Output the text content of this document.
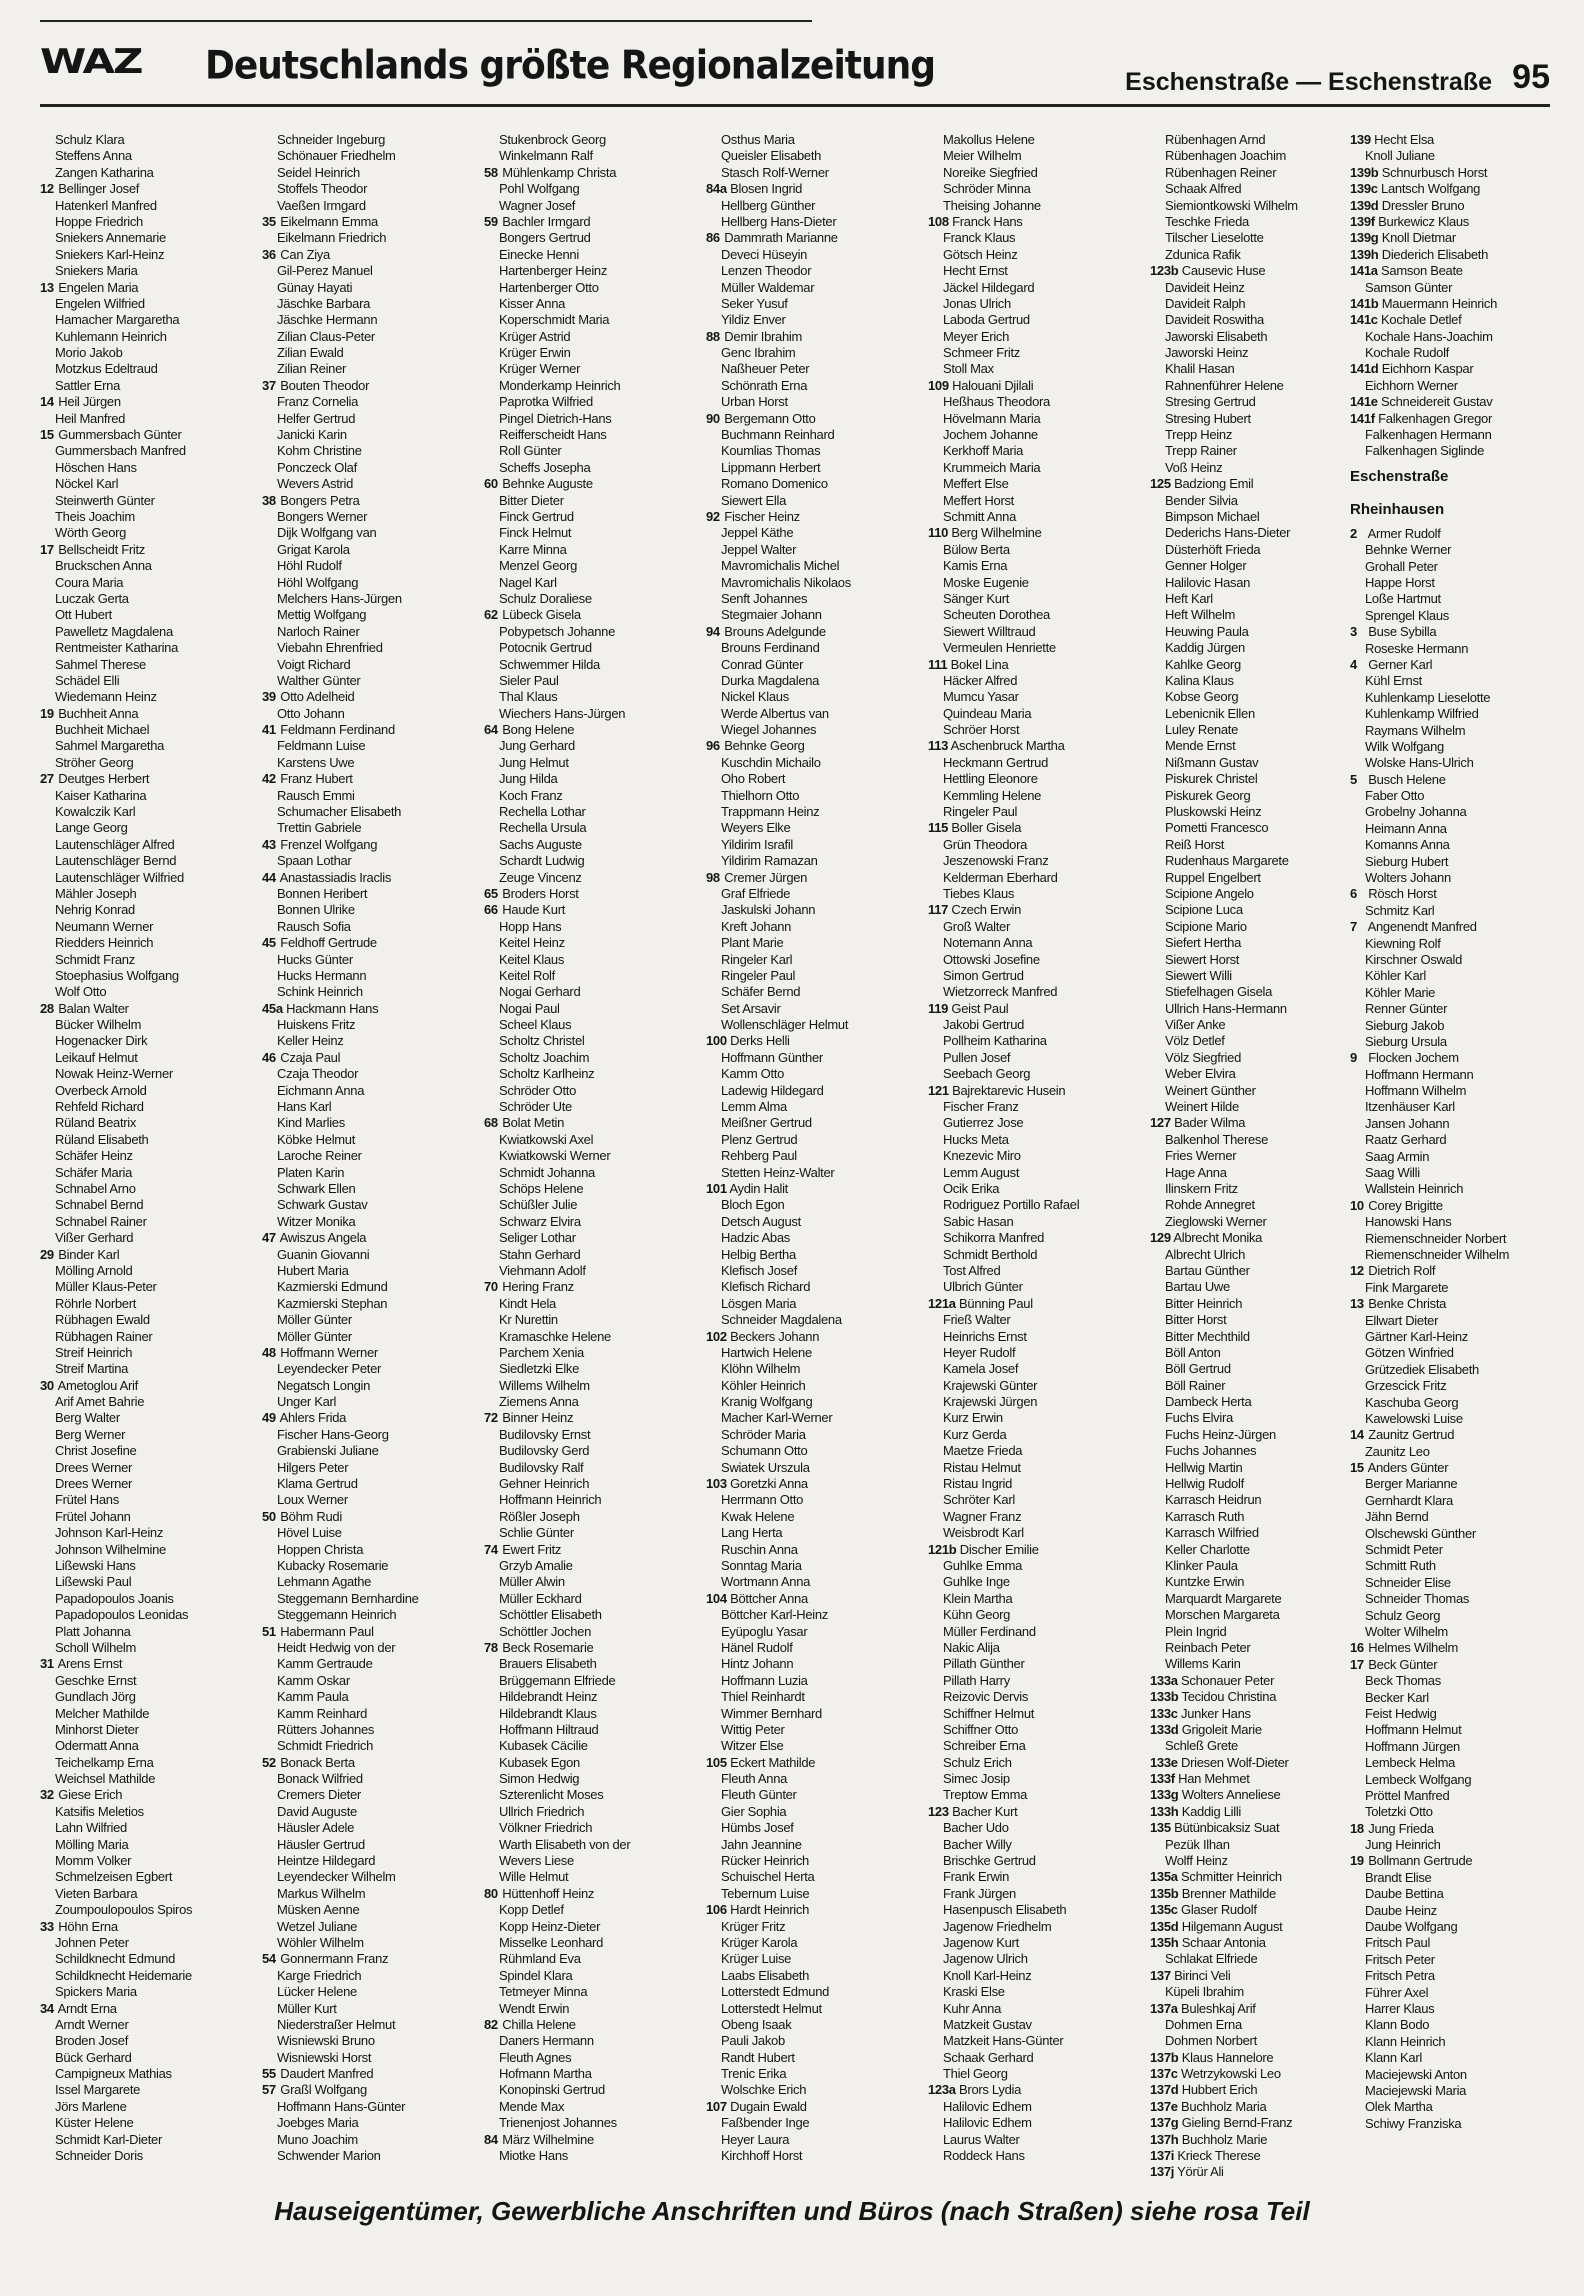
WAZ Deutschlands größte Regionalzeitung	Eschenstraße — Eschenstraße 95
Schulz Klara
Steffens Anna
Zangen Katharina
12 Bellinger Josef
Hatenkerl Manfred
Hoppe Friedrich
Sniekers Annemarie
Sniekers Karl-Heinz
Sniekers Maria
13 Engelen Maria
Engelen Wilfried
Hamacher Margaretha
Kuhlemann Heinrich
Morio Jakob
Motzkus Edeltraud
Sattler Erna
14 Heil Jürgen
Heil Manfred
15 Gummersbach Günter
Gummersbach Manfred
Höschen Hans
Nöckel Karl
Steinwerth Günter
Theis Joachim
Wörth Georg
17 Bellscheidt Fritz
Bruckschen Anna
Coura Maria
Luczak Gerta
Ott Hubert
Pawelletz Magdalena
Rentmeister Katharina
Sahmel Therese
Schädel Elli
Wiedemann Heinz
19 Buchheit Anna
Buchheit Michael
Sahmel Margaretha
Ströher Georg
27 Deutges Herbert
Kaiser Katharina
Kowalczik Karl
Lange Georg
Lautenschläger Alfred
Lautenschläger Bernd
Lautenschläger Wilfried
Mähler Joseph
Nehrig Konrad
Neumann Werner
Riedders Heinrich
Schmidt Franz
Stoephasius Wolfgang
Wolf Otto
28 Balan Walter
Bücker Wilhelm
Hogenacker Dirk
Leikauf Helmut
Nowak Heinz-Werner
Overbeck Arnold
Rehfeld Richard
Rüland Beatrix
Rüland Elisabeth
Schäfer Heinz
Schäfer Maria
Schnabel Arno
Schnabel Bernd
Schnabel Rainer
Vißer Gerhard
29 Binder Karl
Mölling Arnold
Müller Klaus-Peter
Röhrle Norbert
Rübhagen Ewald
Rübhagen Rainer
Streif Heinrich
Streif Martina
30 Ametoglou Arif
Arif Amet Bahrie
Berg Walter
Berg Werner
Christ Josefine
Drees Werner
Drees Werner
Frütel Hans
Frütel Johann
Johnson Karl-Heinz
Johnson Wilhelmine
Lißewski Hans
Lißewski Paul
Papadopoulos Joanis
Papadopoulos Leonidas
Platt Johanna
Scholl Wilhelm
31 Arens Ernst
Geschke Ernst
Gundlach Jörg
Melcher Mathilde
Minhorst Dieter
Odermatt Anna
Teichelkamp Erna
Weichsel Mathilde
32 Giese Erich
Katsifis Meletios
Lahn Wilfried
Mölling Maria
Momm Volker
Schmelzeisen Egbert
Vieten Barbara
Zoumpoulopoulos Spiros
33 Höhn Erna
Johnen Peter
Schildknecht Edmund
Schildknecht Heidemarie
Spickers Maria
34 Arndt Erna
Arndt Werner
Broden Josef
Bück Gerhard
Campigneux Mathias
Issel Margarete
Jörs Marlene
Küster Helene
Schmidt Karl-Dieter
Schneider Doris
Schneider Ingeburg
Schönauer Friedhelm
Seidel Heinrich
Stoffels Theodor
Vaeßen Irmgard
35 Eikelmann Emma
Eikelmann Friedrich
36 Can Ziya
Gil-Perez Manuel
Günay Hayati
Jäschke Barbara
Jäschke Hermann
Zilian Claus-Peter
Zilian Ewald
Zilian Reiner
37 Bouten Theodor
Franz Cornelia
Helfer Gertrud
Janicki Karin
Kohm Christine
Ponczeck Olaf
Wevers Astrid
38 Bongers Petra
Bongers Werner
Dijk Wolfgang van
Grigat Karola
Höhl Rudolf
Höhl Wolfgang
Melchers Hans-Jürgen
Mettig Wolfgang
Narloch Rainer
Viebahn Ehrenfried
Voigt Richard
Walther Günter
39 Otto Adelheid
Otto Johann
41 Feldmann Ferdinand
Feldmann Luise
Karstens Uwe
42 Franz Hubert
Rausch Emmi
Schumacher Elisabeth
Trettin Gabriele
43 Frenzel Wolfgang
Spaan Lothar
44 Anastassiadis Iraclis
Bonnen Heribert
Bonnen Ulrike
Rausch Sofia
45 Feldhoff Gertrude
Hucks Günter
Hucks Hermann
Schink Heinrich
45a Hackmann Hans
Huiskens Fritz
Keller Heinz
46 Czaja Paul
Czaja Theodor
Eichmann Anna
Hans Karl
Kind Marlies
Köbke Helmut
Laroche Reiner
Platen Karin
Schwark Ellen
Schwark Gustav
Witzer Monika
47 Awiszus Angela
Guanin Giovanni
Hubert Maria
Kazmierski Edmund
Kazmierski Stephan
Möller Günter
Möller Günter
48 Hoffmann Werner
Leyendecker Peter
Negatsch Longin
Unger Karl
49 Ahlers Frida
Fischer Hans-Georg
Grabienski Juliane
Hilgers Peter
Klama Gertrud
Loux Werner
50 Böhm Rudi
Hövel Luise
Hoppen Christa
Kubacky Rosemarie
Lehmann Agathe
Steggemann Bernhardine
Steggemann Heinrich
51 Habermann Paul
Heidt Hedwig von der
Kamm Gertraude
Kamm Oskar
Kamm Paula
Kamm Reinhard
Rütters Johannes
Schmidt Friedrich
52 Bonack Berta
Bonack Wilfried
Cremers Dieter
David Auguste
Häusler Adele
Häusler Gertrud
Heintze Hildegard
Leyendecker Wilhelm
Markus Wilhelm
Müsken Aenne
Wetzel Juliane
Wöhler Wilhelm
54 Gonnermann Franz
Karge Friedrich
Lücker Helene
Müller Kurt
Niederstraßer Helmut
Wisniewski Bruno
Wisniewski Horst
55 Daudert Manfred
57 Graßl Wolfgang
Hoffmann Hans-Günter
Joebges Maria
Muno Joachim
Schwender Marion
Stukenbrock Georg
Winkelmann Ralf
58 Mühlenkamp Christa
Pohl Wolfgang
Wagner Josef
59 Bachler Irmgard
Bongers Gertrud
Einecke Henni
Hartenberger Heinz
Hartenberger Otto
Kisser Anna
Koperschmidt Maria
Krüger Astrid
Krüger Erwin
Krüger Werner
Monderkamp Heinrich
Paprotka Wilfried
Pingel Dietrich-Hans
Reifferscheidt Hans
Roll Günter
Scheffs Josepha
60 Behnke Auguste
Bitter Dieter
Finck Gertrud
Finck Helmut
Karre Minna
Menzel Georg
Nagel Karl
Schulz Doraliese
62 Lübeck Gisela
Pobypetsch Johanne
Potocnik Gertrud
Schwemmer Hilda
Sieler Paul
Thal Klaus
Wiechers Hans-Jürgen
64 Bong Helene
Jung Gerhard
Jung Helmut
Jung Hilda
Koch Franz
Rechella Lothar
Rechella Ursula
Sachs Auguste
Schardt Ludwig
Zeuge Vincenz
65 Broders Horst
66 Haude Kurt
Hopp Hans
Keitel Heinz
Keitel Klaus
Keitel Rolf
Nogai Gerhard
Nogai Paul
Scheel Klaus
Scholtz Christel
Scholtz Joachim
Scholtz Karlheinz
Schröder Otto
Schröder Ute
68 Bolat Metin
Kwiatkowski Axel
Kwiatkowski Werner
Schmidt Johanna
Schöps Helene
Schüßler Julie
Schwarz Elvira
Seliger Lothar
Stahn Gerhard
Viehmann Adolf
70 Hering Franz
Kindt Hela
Kr Nurettin
Kramaschke Helene
Parchem Xenia
Siedletzki Elke
Willems Wilhelm
Ziemens Anna
72 Binner Heinz
Budilovsky Ernst
Budilovsky Gerd
Budilovsky Ralf
Gehner Heinrich
Hoffmann Heinrich
Rößler Joseph
Schlie Günter
74 Ewert Fritz
Grzyb Amalie
Müller Alwin
Müller Eckhard
Schöttler Elisabeth
Schöttler Jochen
78 Beck Rosemarie
Brauers Elisabeth
Brüggemann Elfriede
Hildebrandt Heinz
Hildebrandt Klaus
Hoffmann Hiltraud
Kubasek Cäcilie
Kubasek Egon
Simon Hedwig
Szterenlicht Moses
Ullrich Friedrich
Völkner Friedrich
Warth Elisabeth von der
Wevers Liese
Wille Helmut
80 Hüttenhoff Heinz
Kopp Detlef
Kopp Heinz-Dieter
Misselke Leonhard
Rühmland Eva
Spindel Klara
Tetmeyer Minna
Wendt Erwin
82 Chilla Helene
Daners Hermann
Fleuth Agnes
Hofmann Martha
Konopinski Gertrud
Mende Max
Trienenjost Johannes
84 März Wilhelmine
Miotke Hans
Osthus Maria
Queisler Elisabeth
Stasch Rolf-Werner
84a Blosen Ingrid
Hellberg Günther
Hellberg Hans-Dieter
86 Dammrath Marianne
Deveci Hüseyin
Lenzen Theodor
Müller Waldemar
Seker Yusuf
Yildiz Enver
88 Demir Ibrahim
Genc Ibrahim
Naßheuer Peter
Schönrath Erna
Urban Horst
90 Bergemann Otto
Buchmann Reinhard
Koumlias Thomas
Lippmann Herbert
Romano Domenico
Siewert Ella
92 Fischer Heinz
Jeppel Käthe
Jeppel Walter
Mavromichalis Michel
Mavromichalis Nikolaos
Senft Johannes
Stegmaier Johann
94 Brouns Adelgunde
Brouns Ferdinand
Conrad Günter
Durka Magdalena
Nickel Klaus
Werde Albertus van
Wiegel Johannes
96 Behnke Georg
Kuschdin Michailo
Oho Robert
Thielhorn Otto
Trappmann Heinz
Weyers Elke
Yildirim Israfil
Yildirim Ramazan
98 Cremer Jürgen
Graf Elfriede
Jaskulski Johann
Kreft Johann
Plant Marie
Ringeler Karl
Ringeler Paul
Schäfer Bernd
Set Arsavir
Wollenschläger Helmut
100 Derks Helli
Hoffmann Günther
Kamm Otto
Ladewig Hildegard
Lemm Alma
Meißner Gertrud
Plenz Gertrud
Rehberg Paul
Stetten Heinz-Walter
101 Aydin Halit
Bloch Egon
Detsch August
Hadzic Abas
Helbig Bertha
Klefisch Josef
Klefisch Richard
Lösgen Maria
Schneider Magdalena
102 Beckers Johann
Hartwich Helene
Klöhn Wilhelm
Köhler Heinrich
Kranig Wolfgang
Macher Karl-Werner
Schröder Maria
Schumann Otto
Swiatek Urszula
103 Goretzki Anna
Herrmann Otto
Kwak Helene
Lang Herta
Ruschin Anna
Sonntag Maria
Wortmann Anna
104 Böttcher Anna
Böttcher Karl-Heinz
Eyüpoglu Yasar
Hänel Rudolf
Hintz Johann
Hoffmann Luzia
Thiel Reinhardt
Wimmer Bernhard
Wittig Peter
Witzer Else
105 Eckert Mathilde
Fleuth Anna
Fleuth Günter
Gier Sophia
Hümbs Josef
Jahn Jeannine
Rücker Heinrich
Schuischel Herta
Tebernum Luise
106 Hardt Heinrich
Krüger Fritz
Krüger Karola
Krüger Luise
Laabs Elisabeth
Lotterstedt Edmund
Lotterstedt Helmut
Obeng Isaak
Pauli Jakob
Randt Hubert
Trenic Erika
Wolschke Erich
107 Dugain Ewald
Faßbender Inge
Heyer Laura
Kirchhoff Horst
Makollus Helene
Meier Wilhelm
Noreike Siegfried
Schröder Minna
Theising Johanne
108 Franck Hans
Franck Klaus
Götsch Heinz
Hecht Ernst
Jäckel Hildegard
Jonas Ulrich
Laboda Gertrud
Meyer Erich
Schmeer Fritz
Stoll Max
109 Halouani Djilali
Heßhaus Theodora
Hövelmann Maria
Jochem Johanne
Kerkhoff Maria
Krummeich Maria
Meffert Else
Meffert Horst
Schmitt Anna
110 Berg Wilhelmine
Bülow Berta
Kamis Erna
Moske Eugenie
Sänger Kurt
Scheuten Dorothea
Siewert Willtraud
Vermeulen Henriette
111 Bokel Lina
Häcker Alfred
Mumcu Yasar
Quindeau Maria
Schröer Horst
113 Aschenbruck Martha
Heckmann Gertrud
Hettling Eleonore
Kemmling Helene
Ringeler Paul
115 Boller Gisela
Grün Theodora
Jeszenowski Franz
Kelderman Eberhard
Tiebes Klaus
117 Czech Erwin
Groß Walter
Notemann Anna
Ottowski Josefine
Simon Gertrud
Wietzorreck Manfred
119 Geist Paul
Jakobi Gertrud
Pollheim Katharina
Pullen Josef
Seebach Georg
121 Bajrektarevic Husein
Fischer Franz
Gutierrez Jose
Hucks Meta
Knezevic Miro
Lemm August
Ocik Erika
Rodriguez Portillo Rafael
Sabic Hasan
Schikorra Manfred
Schmidt Berthold
Tost Alfred
Ulbrich Günter
121a Bünning Paul
Frieß Walter
Heinrichs Ernst
Heyer Rudolf
Kamela Josef
Krajewski Günter
Krajewski Jürgen
Kurz Erwin
Kurz Gerda
Maetze Frieda
Ristau Helmut
Ristau Ingrid
Schröter Karl
Wagner Franz
Weisbrodt Karl
121b Discher Emilie
Guhlke Emma
Guhlke Inge
Klein Martha
Kühn Georg
Müller Ferdinand
Nakic Alija
Pillath Günther
Pillath Harry
Reizovic Dervis
Schiffner Helmut
Schiffner Otto
Schreiber Erna
Schulz Erich
Simec Josip
Treptow Emma
123 Bacher Kurt
Bacher Udo
Bacher Willy
Brischke Gertrud
Frank Erwin
Frank Jürgen
Hasenpusch Elisabeth
Jagenow Friedhelm
Jagenow Kurt
Jagenow Ulrich
Knoll Karl-Heinz
Kraski Else
Kuhr Anna
Matzkeit Gustav
Matzkeit Hans-Günter
Schaak Gerhard
Thiel Georg
123a Brors Lydia
Halilovic Edhem
Halilovic Edhem
Laurus Walter
Roddeck Hans
Rübenhagen Arnd
Rübenhagen Joachim
Rübenhagen Reiner
Schaak Alfred
Siemiontkowski Wilhelm
Teschke Frieda
Tilscher Lieselotte
Zdunica Rafik
123b Causevic Huse
Davideit Heinz
Davideit Ralph
Davideit Roswitha
Jaworski Elisabeth
Jaworski Heinz
Khalil Hasan
Rahnenführer Helene
Stresing Gertrud
Stresing Hubert
Trepp Heinz
Trepp Rainer
Voß Heinz
125 Badziong Emil
Bender Silvia
Bimpson Michael
Dederichs Hans-Dieter
Düsterhöft Frieda
Genner Holger
Halilovic Hasan
Heft Karl
Heft Wilhelm
Heuwing Paula
Kaddig Jürgen
Kahlke Georg
Kalina Klaus
Kobse Georg
Lebenicnik Ellen
Luley Renate
Mende Ernst
Nißmann Gustav
Piskurek Christel
Piskurek Georg
Pluskowski Heinz
Pometti Francesco
Reiß Horst
Rudenhaus Margarete
Ruppel Engelbert
Scipione Angelo
Scipione Luca
Scipione Mario
Siefert Hertha
Siewert Horst
Siewert Willi
Stiefelhagen Gisela
Ullrich Hans-Hermann
Vißer Anke
Völz Detlef
Völz Siegfried
Weber Elvira
Weinert Günther
Weinert Hilde
127 Bader Wilma
Balkenhol Therese
Fries Werner
Hage Anna
Ilinskern Fritz
Rohde Annegret
Zieglowski Werner
129 Albrecht Monika
Albrecht Ulrich
Bartau Günther
Bartau Uwe
Bitter Heinrich
Bitter Horst
Bitter Mechthild
Böll Anton
Böll Gertrud
Böll Rainer
Dambeck Herta
Fuchs Elvira
Fuchs Heinz-Jürgen
Fuchs Johannes
Hellwig Martin
Hellwig Rudolf
Karrasch Heidrun
Karrasch Ruth
Karrasch Wilfried
Keller Charlotte
Klinker Paula
Kuntzke Erwin
Marquardt Margarete
Morschen Margareta
Plein Ingrid
Reinbach Peter
Willems Karin
133a Schonauer Peter
133b Tecidou Christina
133c Junker Hans
133d Grigoleit Marie
Schleß Grete
133e Driesen Wolf-Dieter
133f Han Mehmet
133g Wolters Anneliese
133h Kaddig Lilli
135 Bütünbicaksiz Suat
Pezük Ilhan
Wolff Heinz
135a Schmitter Heinrich
135b Brenner Mathilde
135c Glaser Rudolf
135d Hilgemann August
135h Schaar Antonia
Schlakat Elfriede
137 Birinci Veli
Küpeli Ibrahim
137a Buleshkaj Arif
Dohmen Erna
Dohmen Norbert
137b Klaus Hannelore
137c Wetrzykowski Leo
137d Hubbert Erich
137e Buchholz Maria
137g Gieling Bernd-Franz
137h Buchholz Marie
137i Krieck Therese
137j Yörür Ali
139 Hecht Elsa
Knoll Juliane
139b Schnurbusch Horst
139c Lantsch Wolfgang
139d Dressler Bruno
139f Burkewicz Klaus
139g Knoll Dietmar
139h Diederich Elisabeth
141a Samson Beate
Samson Günter
141b Mauermann Heinrich
141c Kochale Detlef
Kochale Hans-Joachim
Kochale Rudolf
141d Eichhorn Kaspar
Eichhorn Werner
141e Schneidereit Gustav
141f Falkenhagen Gregor
Falkenhagen Hermann
Falkenhagen Siglinde
Eschenstraße
Rheinhausen
2 Armer Rudolf
Behnke Werner
Grohall Peter
Happe Horst
Loße Hartmut
Sprengel Klaus
3 Buse Sybilla
Roseske Hermann
4 Gerner Karl
Kühl Ernst
Kuhlenkamp Lieselotte
Kuhlenkamp Wilfried
Raymans Wilhelm
Wilk Wolfgang
Wolske Hans-Ulrich
5 Busch Helene
Faber Otto
Grobelny Johanna
Heimann Anna
Komanns Anna
Sieburg Hubert
Wolters Johann
6 Rösch Horst
Schmitz Karl
7 Angenendt Manfred
Kiewning Rolf
Kirschner Oswald
Köhler Karl
Köhler Marie
Renner Günter
Sieburg Jakob
Sieburg Ursula
9 Flocken Jochem
Hoffmann Hermann
Hoffmann Wilhelm
Itzenhäuser Karl
Jansen Johann
Raatz Gerhard
Saag Armin
Saag Willi
Wallstein Heinrich
10 Corey Brigitte
Hanowski Hans
Riemenschneider Norbert
Riemenschneider Wilhelm
12 Dietrich Rolf
Fink Margarete
13 Benke Christa
Ellwart Dieter
Gärtner Karl-Heinz
Götzen Winfried
Grützediek Elisabeth
Grzescick Fritz
Kaschuba Georg
Kawelowski Luise
14 Zaunitz Gertrud
Zaunitz Leo
15 Anders Günter
Berger Marianne
Gernhardt Klara
Jähn Bernd
Olschewski Günther
Schmidt Peter
Schmitt Ruth
Schneider Elise
Schneider Thomas
Schulz Georg
Wolter Wilhelm
16 Helmes Wilhelm
17 Beck Günter
Beck Thomas
Becker Karl
Feist Hedwig
Hoffmann Helmut
Hoffmann Jürgen
Lembeck Helma
Lembeck Wolfgang
Pröttel Manfred
Toletzki Otto
18 Jung Frieda
Jung Heinrich
19 Bollmann Gertrude
Brandt Elise
Daube Bettina
Daube Heinz
Daube Wolfgang
Fritsch Paul
Fritsch Peter
Fritsch Petra
Führer Axel
Harrer Klaus
Klann Bodo
Klann Heinrich
Klann Karl
Maciejewski Anton
Maciejewski Maria
Olek Martha
Schiwy Franziska
Hauseigentümer, Gewerbliche Anschriften und Büros (nach Straßen) siehe rosa Teil
